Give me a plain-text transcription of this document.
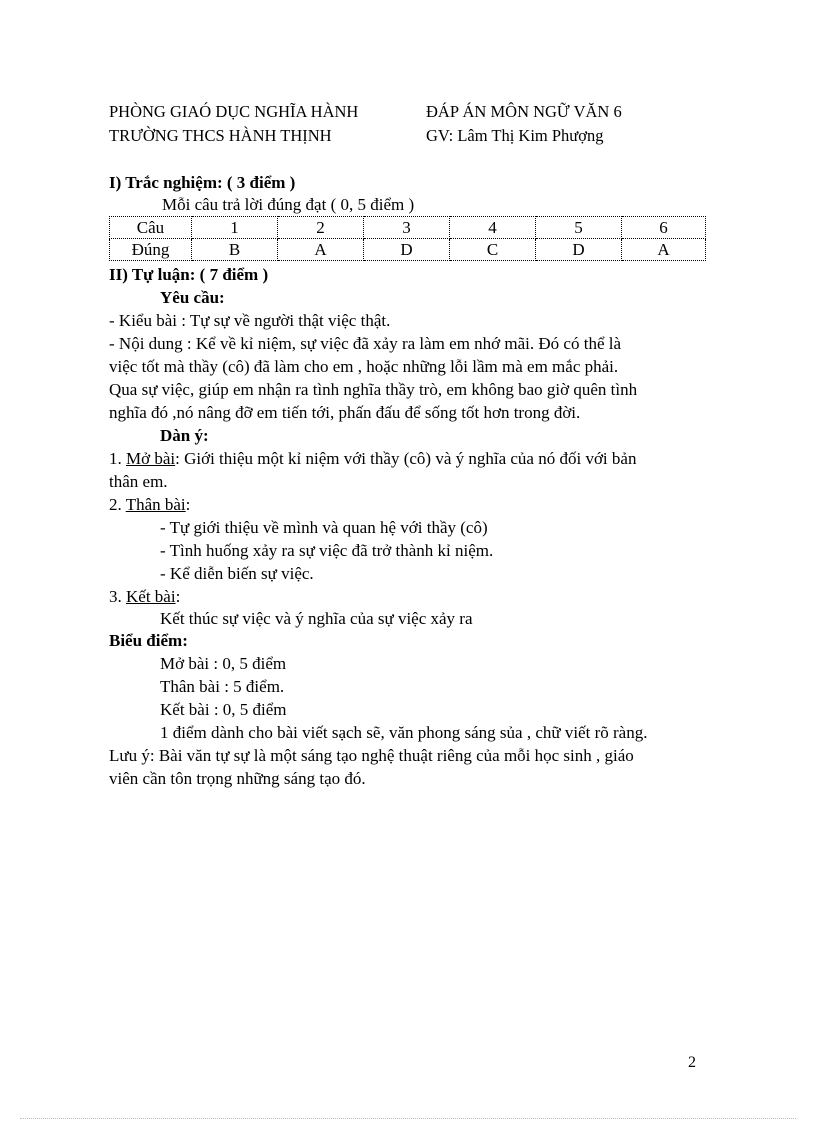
PHÒNG GIAÓ DỤC NGHĨA HÀNH
TRƯỜNG THCS HÀNH THỊNH
ĐÁP ÁN MÔN NGỮ VĂN 6
GV: Lâm Thị Kim Phượng
I) Trắc nghiệm: ( 3 điểm )
Mỗi câu trả lời đúng đạt ( 0, 5 điểm )
Câu	1	2	3	4	5	6
Đúng	B	A	D	C	D	A
II) Tự luận: ( 7 điểm )
Yêu cầu:
- Kiểu bài : Tự sự về người thật việc thật.
- Nội dung : Kể về kỉ niệm, sự việc đã xảy ra làm em nhớ mãi. Đó có thể là
việc tốt mà thầy (cô) đã làm cho em , hoặc những lỗi lầm mà em mắc phải.
Qua sự việc, giúp em nhận ra tình nghĩa thầy trò, em không bao giờ quên tình
nghĩa đó ,nó nâng đỡ em tiến tới, phấn đấu để sống tốt hơn trong đời.
Dàn ý:
1. Mở bài: Giới thiệu một kỉ niệm với thầy (cô) và ý nghĩa của nó đối với bản
thân em.
2. Thân bài:
- Tự giới thiệu về mình và quan hệ với thầy (cô)
- Tình huống xảy ra sự việc đã trở thành kỉ niệm.
- Kể diễn biến sự việc.
3. Kết bài:
Kết thúc sự việc và ý nghĩa của sự việc xảy ra
Biểu điểm:
Mở bài : 0, 5 điểm
Thân bài : 5 điểm.
Kết bài : 0, 5 điểm
1 điểm dành cho bài viết sạch sẽ, văn phong sáng sủa , chữ viết rõ ràng.
Lưu ý: Bài văn tự sự là một sáng tạo nghệ thuật riêng của mỗi học sinh , giáo
viên cần tôn trọng những sáng tạo đó.
2
